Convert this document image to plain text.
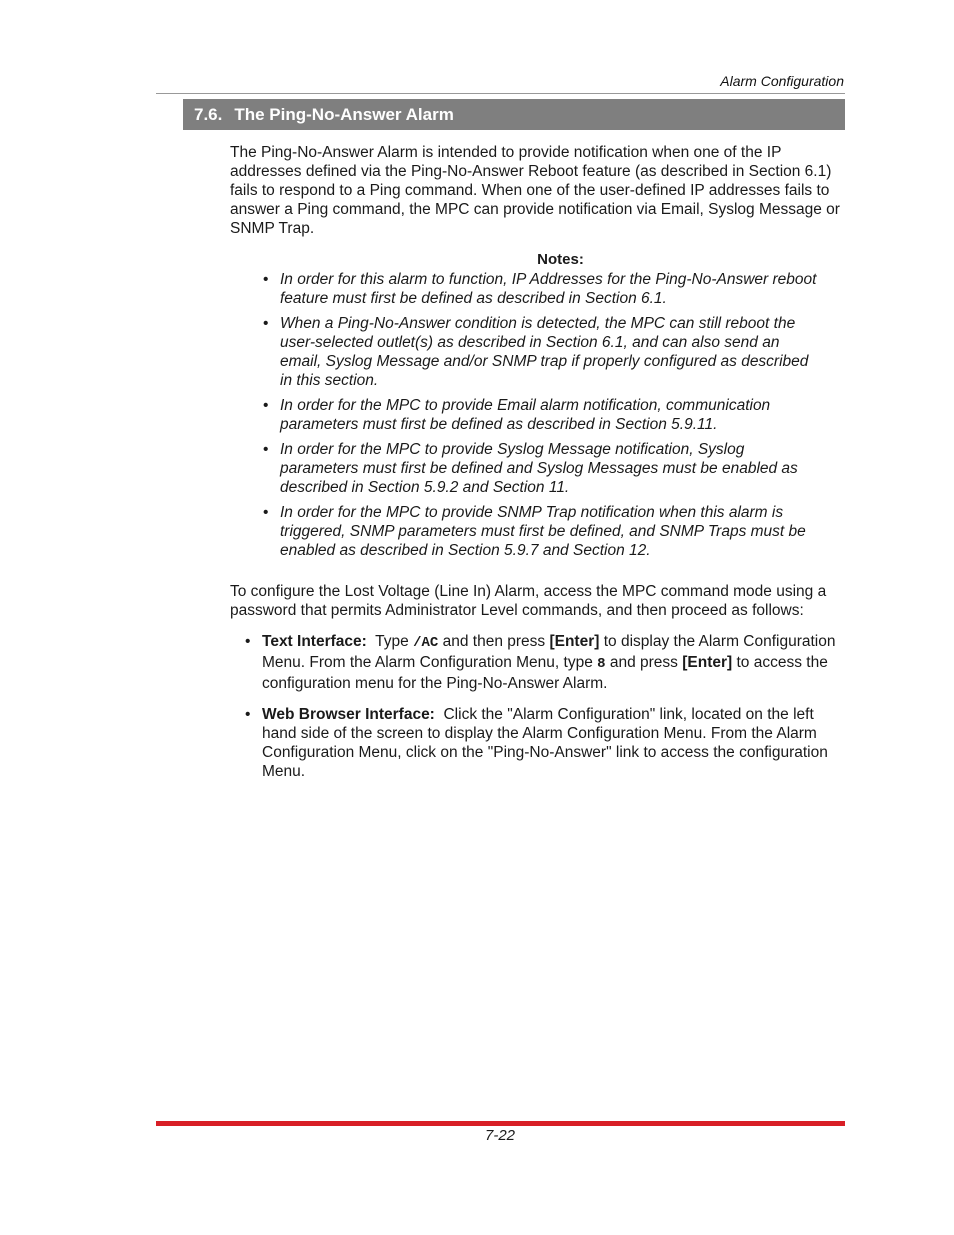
Alarm Configuration
7.6. The Ping-No-Answer Alarm

The Ping-No-Answer Alarm is intended to provide notification when one of the IP addresses defined via the Ping-No-Answer Reboot feature (as described in Section 6.1) fails to respond to a Ping command. When one of the user-defined IP addresses fails to answer a Ping command, the MPC can provide notification via Email, Syslog Message or SNMP Trap.

Notes:
• In order for this alarm to function, IP Addresses for the Ping-No-Answer reboot feature must first be defined as described in Section 6.1.
• When a Ping-No-Answer condition is detected, the MPC can still reboot the user-selected outlet(s) as described in Section 6.1, and can also send an email, Syslog Message and/or SNMP trap if properly configured as described in this section.
• In order for the MPC to provide Email alarm notification, communication parameters must first be defined as described in Section 5.9.11.
• In order for the MPC to provide Syslog Message notification, Syslog parameters must first be defined and Syslog Messages must be enabled as described in Section 5.9.2 and Section 11.
• In order for the MPC to provide SNMP Trap notification when this alarm is triggered, SNMP parameters must first be defined, and SNMP Traps must be enabled as described in Section 5.9.7 and Section 12.

To configure the Lost Voltage (Line In) Alarm, access the MPC command mode using a password that permits Administrator Level commands, and then proceed as follows:

• Text Interface: Type /AC and then press [Enter] to display the Alarm Configuration Menu. From the Alarm Configuration Menu, type 8 and press [Enter] to access the configuration menu for the Ping-No-Answer Alarm.
• Web Browser Interface: Click the "Alarm Configuration" link, located on the left hand side of the screen to display the Alarm Configuration Menu. From the Alarm Configuration Menu, click on the "Ping-No-Answer" link to access the configuration Menu.
7-22
